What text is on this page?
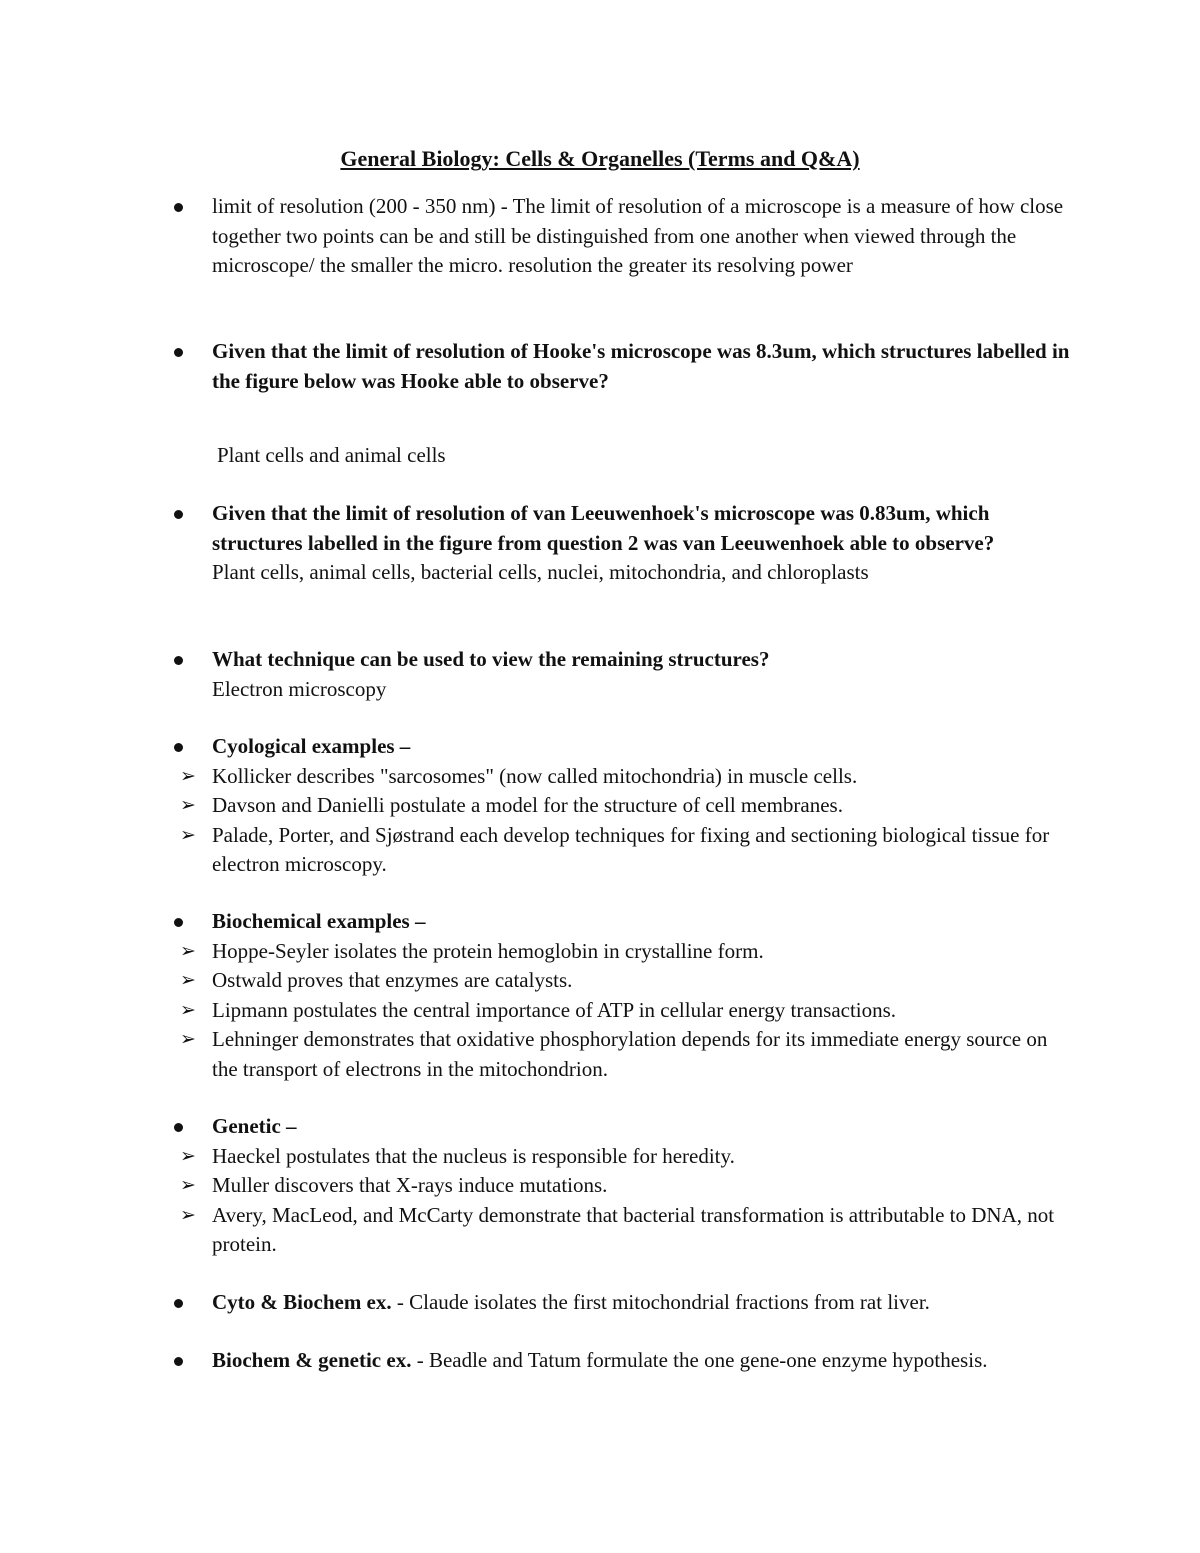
General Biology: Cells & Organelles (Terms and Q&A)
limit of resolution (200 - 350 nm) - The limit of resolution of a microscope is a measure of how close together two points can be and still be distinguished from one another when viewed through the microscope/ the smaller the micro. resolution the greater its resolving power
Given that the limit of resolution of Hooke's microscope was 8.3um, which structures labelled in the figure below was Hooke able to observe?
Plant cells and animal cells
Given that the limit of resolution of van Leeuwenhoek's microscope was 0.83um, which structures labelled in the figure from question 2 was van Leeuwenhoek able to observe?
Plant cells, animal cells, bacterial cells, nuclei, mitochondria, and chloroplasts
What technique can be used to view the remaining structures?
Electron microscopy
Cyological examples –
➢ Kollicker describes "sarcosomes" (now called mitochondria) in muscle cells.
➢ Davson and Danielli postulate a model for the structure of cell membranes.
➢ Palade, Porter, and Sjøstrand each develop techniques for fixing and sectioning biological tissue for electron microscopy.
Biochemical examples –
➢ Hoppe-Seyler isolates the protein hemoglobin in crystalline form.
➢ Ostwald proves that enzymes are catalysts.
➢ Lipmann postulates the central importance of ATP in cellular energy transactions.
➢ Lehninger demonstrates that oxidative phosphorylation depends for its immediate energy source on the transport of electrons in the mitochondrion.
Genetic –
➢ Haeckel postulates that the nucleus is responsible for heredity.
➢ Muller discovers that X-rays induce mutations.
➢ Avery, MacLeod, and McCarty demonstrate that bacterial transformation is attributable to DNA, not protein.
Cyto & Biochem ex. - Claude isolates the first mitochondrial fractions from rat liver.
Biochem & genetic ex. - Beadle and Tatum formulate the one gene-one enzyme hypothesis.
